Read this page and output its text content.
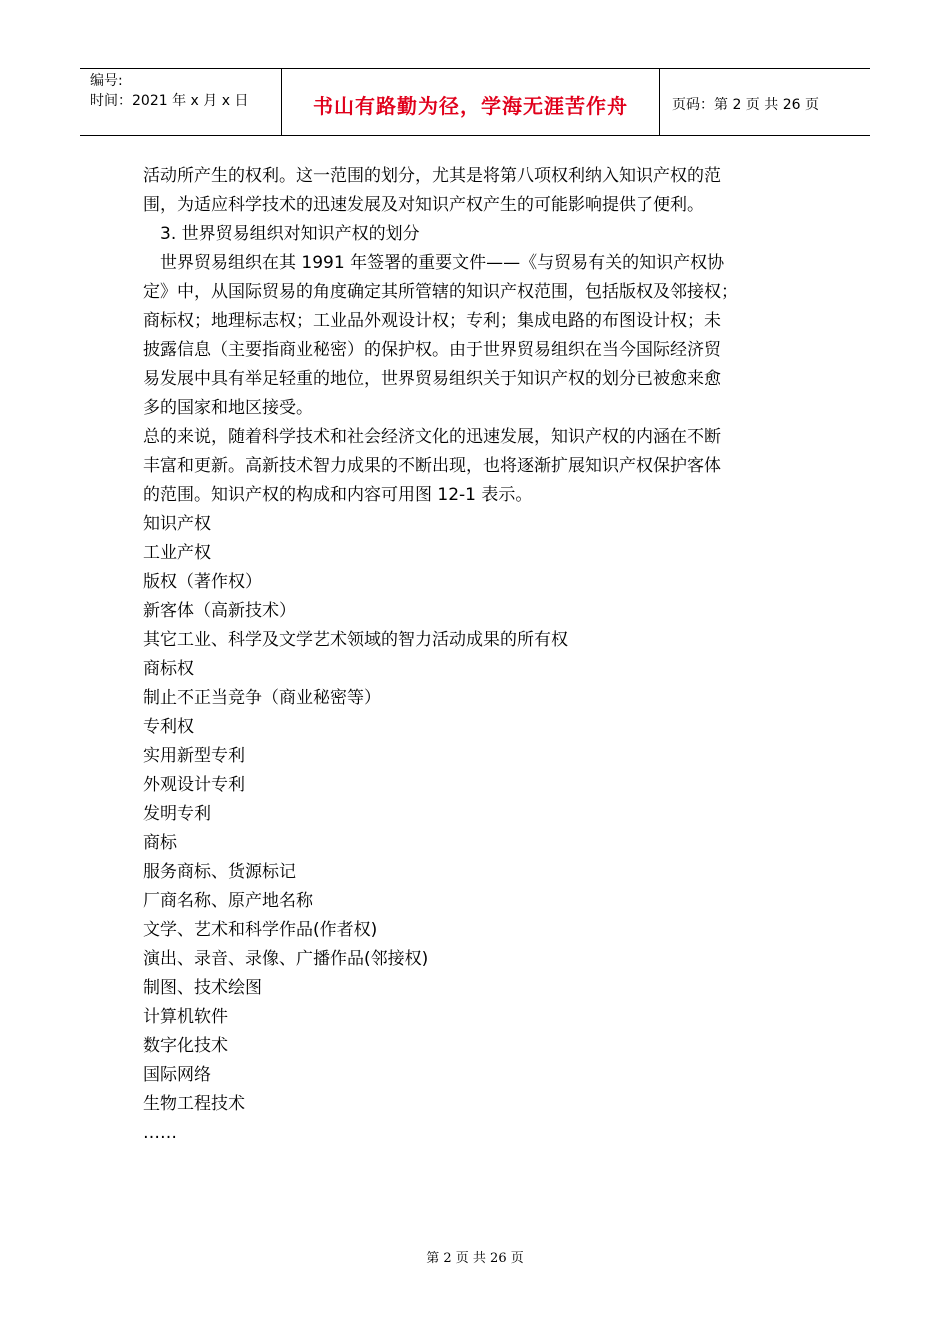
编号:
时间：2021 年 x 月 x 日	书山有路勤为径，学海无涯苦作舟	页码：第 2 页 共 26 页

活动所产生的权利。这一范围的划分，尤其是将第八项权利纳入知识产权的范

围，为适应科学技术的迅速发展及对知识产权产生的可能影响提供了便利。

3. 世界贸易组织对知识产权的划分

世界贸易组织在其 1991 年签署的重要文件——《与贸易有关的知识产权协

定》中，从国际贸易的角度确定其所管辖的知识产权范围，包括版权及邻接权；

商标权；地理标志权；工业品外观设计权；专利；集成电路的布图设计权；未

披露信息（主要指商业秘密）的保护权。由于世界贸易组织在当今国际经济贸

易发展中具有举足轻重的地位，世界贸易组织关于知识产权的划分已被愈来愈

多的国家和地区接受。

总的来说，随着科学技术和社会经济文化的迅速发展，知识产权的内涵在不断

丰富和更新。高新技术智力成果的不断出现，也将逐渐扩展知识产权保护客体

的范围。知识产权的构成和内容可用图 12-1 表示。

知识产权

工业产权

版权（著作权）

新客体（高新技术）

其它工业、科学及文学艺术领域的智力活动成果的所有权

商标权

制止不正当竞争（商业秘密等）

专利权

实用新型专利

外观设计专利

发明专利

商标

服务商标、货源标记

厂商名称、原产地名称

文学、艺术和科学作品(作者权)

演出、录音、录像、广播作品(邻接权)

制图、技术绘图

计算机软件

数字化技术

国际网络

生物工程技术

……

第 2 页 共 26 页
